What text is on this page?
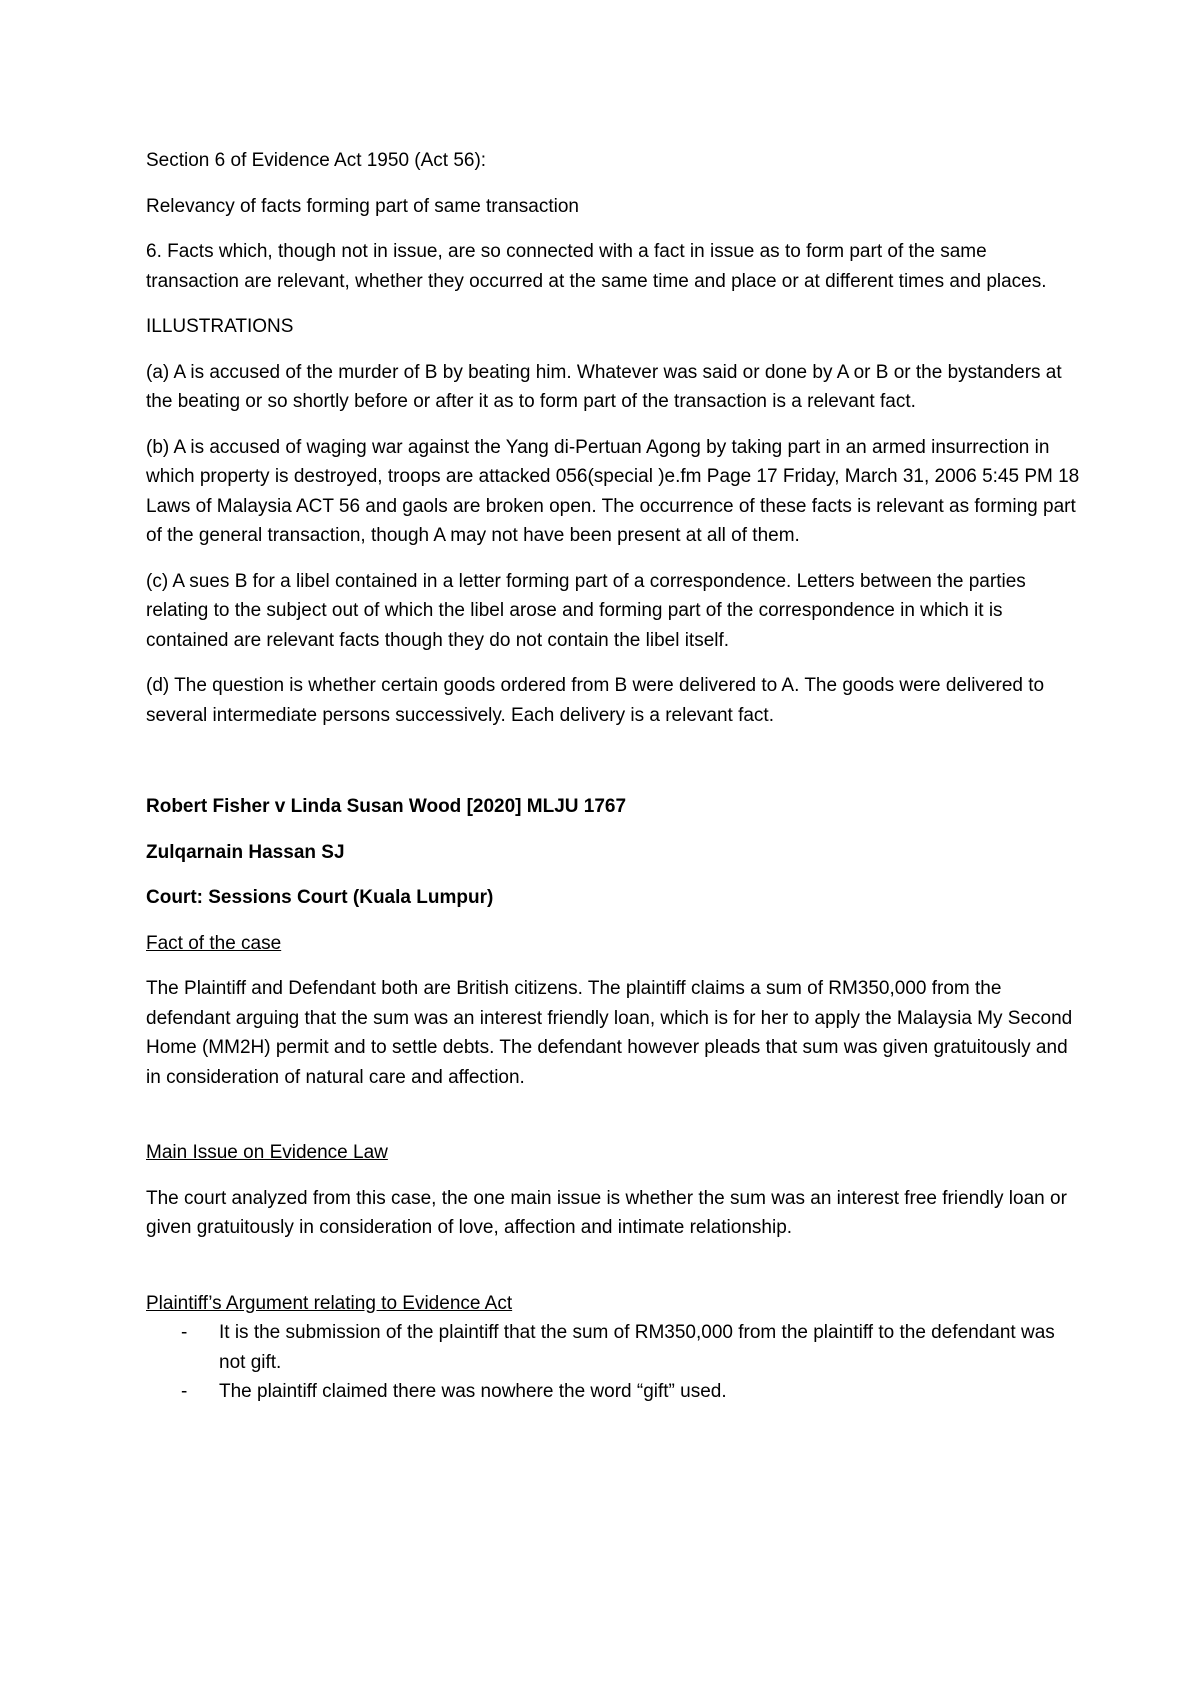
Section 6 of Evidence Act 1950 (Act 56):

Relevancy of facts forming part of same transaction

6. Facts which, though not in issue, are so connected with a fact in issue as to form part of the same transaction are relevant, whether they occurred at the same time and place or at different times and places.

ILLUSTRATIONS

(a) A is accused of the murder of B by beating him. Whatever was said or done by A or B or the bystanders at the beating or so shortly before or after it as to form part of the transaction is a relevant fact.

(b) A is accused of waging war against the Yang di-Pertuan Agong by taking part in an armed insurrection in which property is destroyed, troops are attacked 056(special )e.fm Page 17 Friday, March 31, 2006 5:45 PM 18 Laws of Malaysia ACT 56 and gaols are broken open. The occurrence of these facts is relevant as forming part of the general transaction, though A may not have been present at all of them.

(c) A sues B for a libel contained in a letter forming part of a correspondence. Letters between the parties relating to the subject out of which the libel arose and forming part of the correspondence in which it is contained are relevant facts though they do not contain the libel itself.

(d) The question is whether certain goods ordered from B were delivered to A. The goods were delivered to several intermediate persons successively. Each delivery is a relevant fact.

Robert Fisher v Linda Susan Wood [2020] MLJU 1767

Zulqarnain Hassan SJ

Court: Sessions Court (Kuala Lumpur)

Fact of the case

The Plaintiff and Defendant both are British citizens. The plaintiff claims a sum of RM350,000 from the defendant arguing that the sum was an interest friendly loan, which is for her to apply the Malaysia My Second Home (MM2H) permit and to settle debts. The defendant however pleads that sum was given gratuitously and in consideration of natural care and affection.

Main Issue on Evidence Law

The court analyzed from this case, the one main issue is whether the sum was an interest free friendly loan or given gratuitously in consideration of love, affection and intimate relationship.

Plaintiff’s Argument relating to Evidence Act

- It is the submission of the plaintiff that the sum of RM350,000 from the plaintiff to the defendant was not gift.
- The plaintiff claimed there was nowhere the word “gift” used.
